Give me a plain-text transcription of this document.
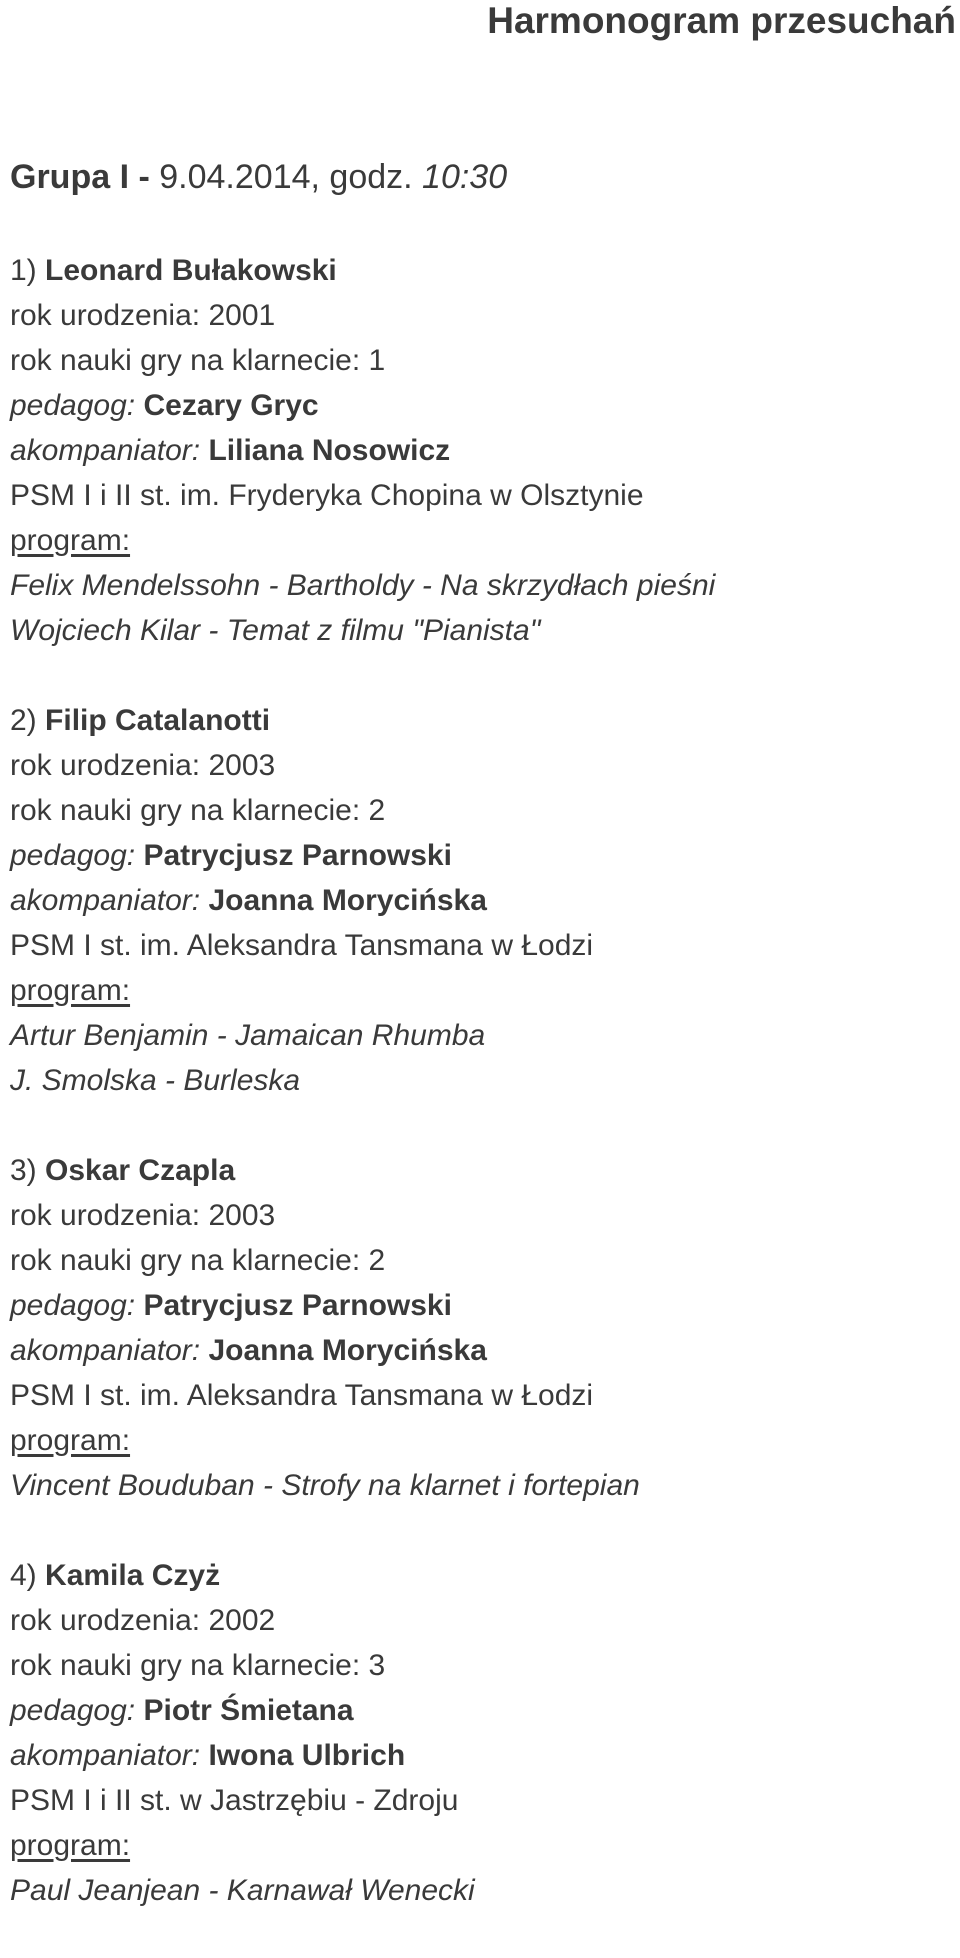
Harmonogram przesuchań
Grupa I - 9.04.2014, godz. 10:30
1) Leonard Bułakowski
rok urodzenia: 2001
rok nauki gry na klarnecie: 1
pedagog: Cezary Gryc
akompaniator: Liliana Nosowicz
PSM I i II st. im. Fryderyka Chopina w Olsztynie
program:
Felix Mendelssohn - Bartholdy - Na skrzydłach pieśni
Wojciech Kilar - Temat z filmu "Pianista"
2) Filip Catalanotti
rok urodzenia: 2003
rok nauki gry na klarnecie: 2
pedagog: Patrycjusz Parnowski
akompaniator: Joanna Morycińska
PSM I st. im. Aleksandra Tansmana w Łodzi
program:
Artur Benjamin - Jamaican Rhumba
J. Smolska - Burleska
3) Oskar Czapla
rok urodzenia: 2003
rok nauki gry na klarnecie: 2
pedagog: Patrycjusz Parnowski
akompaniator: Joanna Morycińska
PSM I st. im. Aleksandra Tansmana w Łodzi
program:
Vincent Bouduban - Strofy na klarnet i fortepian
4) Kamila Czyż
rok urodzenia: 2002
rok nauki gry na klarnecie: 3
pedagog: Piotr Śmietana
akompaniator: Iwona Ulbrich
PSM I i II st. w Jastrzębiu - Zdroju
program:
Paul Jeanjean - Karnawał Wenecki
